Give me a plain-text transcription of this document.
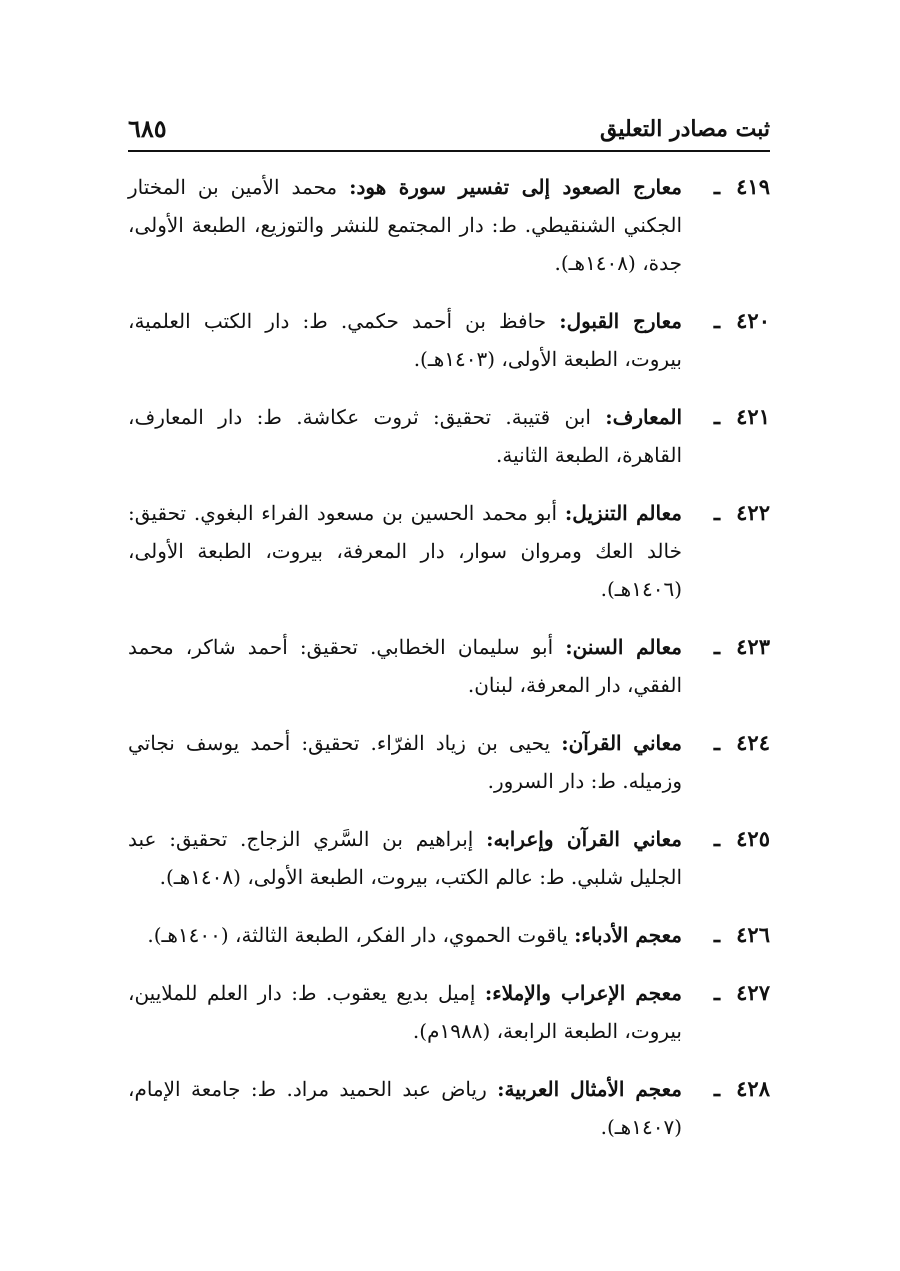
ثبت مصادر التعليق
٦٨٥
٤١٩
ـ
معارج الصعود إلى تفسير سورة هود: محمد الأمين بن المختار الجكني الشنقيطي. ط: دار المجتمع للنشر والتوزيع، الطبعة الأولى، جدة، (١٤٠٨هـ).
٤٢٠
ـ
معارج القبول: حافظ بن أحمد حكمي. ط: دار الكتب العلمية، بيروت، الطبعة الأولى، (١٤٠٣هـ).
٤٢١
ـ
المعارف: ابن قتيبة. تحقيق: ثروت عكاشة. ط: دار المعارف، القاهرة، الطبعة الثانية.
٤٢٢
ـ
معالم التنزيل: أبو محمد الحسين بن مسعود الفراء البغوي. تحقيق: خالد العك ومروان سوار، دار المعرفة، بيروت، الطبعة الأولى، (١٤٠٦هـ).
٤٢٣
ـ
معالم السنن: أبو سليمان الخطابي. تحقيق: أحمد شاكر، محمد الفقي، دار المعرفة، لبنان.
٤٢٤
ـ
معاني القرآن: يحيى بن زياد الفرّاء. تحقيق: أحمد يوسف نجاتي وزميله. ط: دار السرور.
٤٢٥
ـ
معاني القرآن وإعرابه: إبراهيم بن السَّري الزجاج. تحقيق: عبد الجليل شلبي. ط: عالم الكتب، بيروت، الطبعة الأولى، (١٤٠٨هـ).
٤٢٦
ـ
معجم الأدباء: ياقوت الحموي، دار الفكر، الطبعة الثالثة، (١٤٠٠هـ).
٤٢٧
ـ
معجم الإعراب والإملاء: إميل بديع يعقوب. ط: دار العلم للملايين، بيروت، الطبعة الرابعة، (١٩٨٨م).
٤٢٨
ـ
معجم الأمثال العربية: رياض عبد الحميد مراد. ط: جامعة الإمام، (١٤٠٧هـ).
